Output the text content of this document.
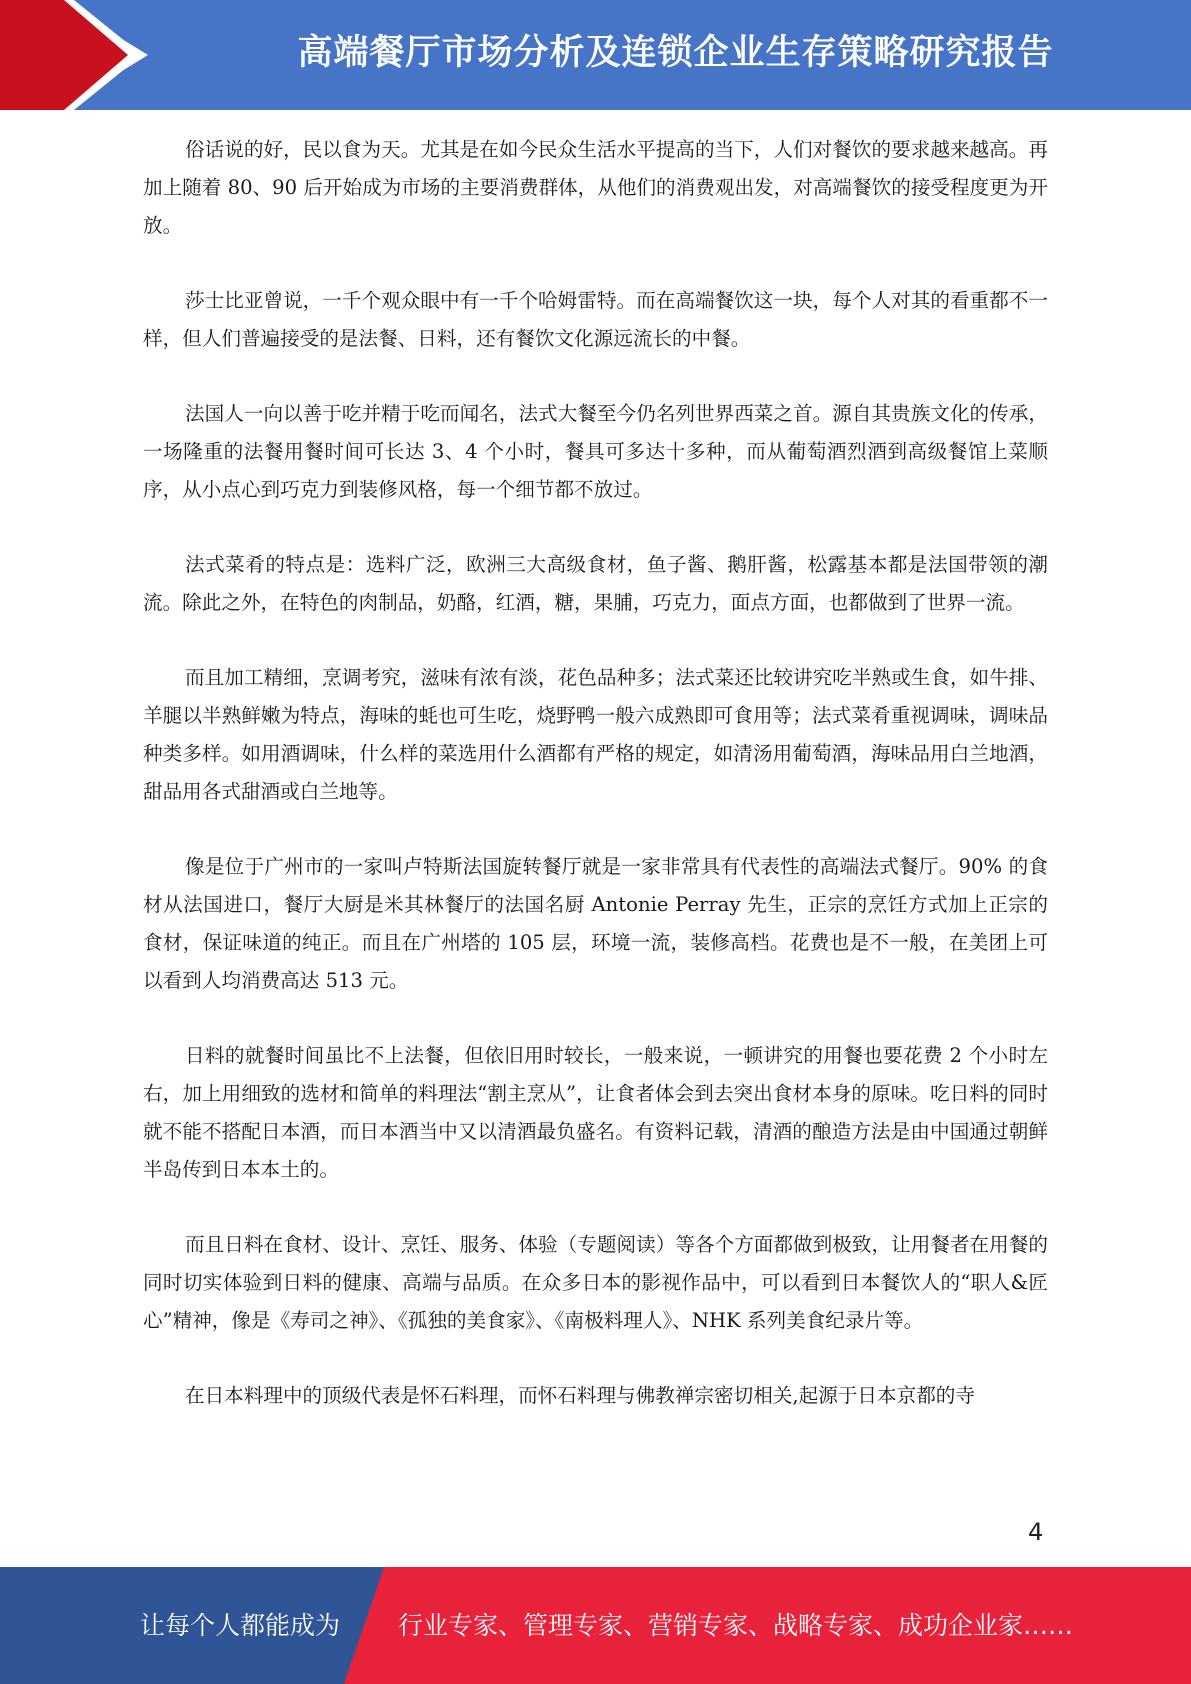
高端餐厅市场分析及连锁企业生存策略研究报告

俗话说的好，民以食为天。尤其是在如今民众生活水平提高的当下，人们对餐饮的要求越来越高。再加上随着 80、90 后开始成为市场的主要消费群体，从他们的消费观出发，对高端餐饮的接受程度更为开放。

莎士比亚曾说，一千个观众眼中有一千个哈姆雷特。而在高端餐饮这一块，每个人对其的看重都不一样，但人们普遍接受的是法餐、日料，还有餐饮文化源远流长的中餐。

法国人一向以善于吃并精于吃而闻名，法式大餐至今仍名列世界西菜之首。源自其贵族文化的传承，一场隆重的法餐用餐时间可长达 3、4 个小时，餐具可多达十多种，而从葡萄酒烈酒到高级餐馆上菜顺序，从小点心到巧克力到装修风格，每一个细节都不放过。

法式菜肴的特点是：选料广泛，欧洲三大高级食材，鱼子酱、鹅肝酱，松露基本都是法国带领的潮流。除此之外，在特色的肉制品，奶酪，红酒，糖，果脯，巧克力，面点方面，也都做到了世界一流。

而且加工精细，烹调考究，滋味有浓有淡，花色品种多；法式菜还比较讲究吃半熟或生食，如牛排、羊腿以半熟鲜嫩为特点，海味的蚝也可生吃，烧野鸭一般六成熟即可食用等；法式菜肴重视调味，调味品种类多样。如用酒调味，什么样的菜选用什么酒都有严格的规定，如清汤用葡萄酒，海味品用白兰地酒，甜品用各式甜酒或白兰地等。

像是位于广州市的一家叫卢特斯法国旋转餐厅就是一家非常具有代表性的高端法式餐厅。90% 的食材从法国进口，餐厅大厨是米其林餐厅的法国名厨 Antonie Perray 先生，正宗的烹饪方式加上正宗的食材，保证味道的纯正。而且在广州塔的 105 层，环境一流，装修高档。花费也是不一般，在美团上可以看到人均消费高达 513 元。

日料的就餐时间虽比不上法餐，但依旧用时较长，一般来说，一顿讲究的用餐也要花费 2 个小时左右，加上用细致的选材和简单的料理法“割主烹从”，让食者体会到去突出食材本身的原味。吃日料的同时就不能不搭配日本酒，而日本酒当中又以清酒最负盛名。有资料记载，清酒的酿造方法是由中国通过朝鲜半岛传到日本本土的。

而且日料在食材、设计、烹饪、服务、体验（专题阅读）等各个方面都做到极致，让用餐者在用餐的同时切实体验到日料的健康、高端与品质。在众多日本的影视作品中，可以看到日本餐饮人的“职人&匠心”精神，像是《寿司之神》、《孤独的美食家》、《南极料理人》、NHK 系列美食纪录片等。

在日本料理中的顶级代表是怀石料理，而怀石料理与佛教禅宗密切相关,起源于日本京都的寺

4
让每个人都能成为 行业专家、管理专家、营销专家、战略专家、成功企业家……
